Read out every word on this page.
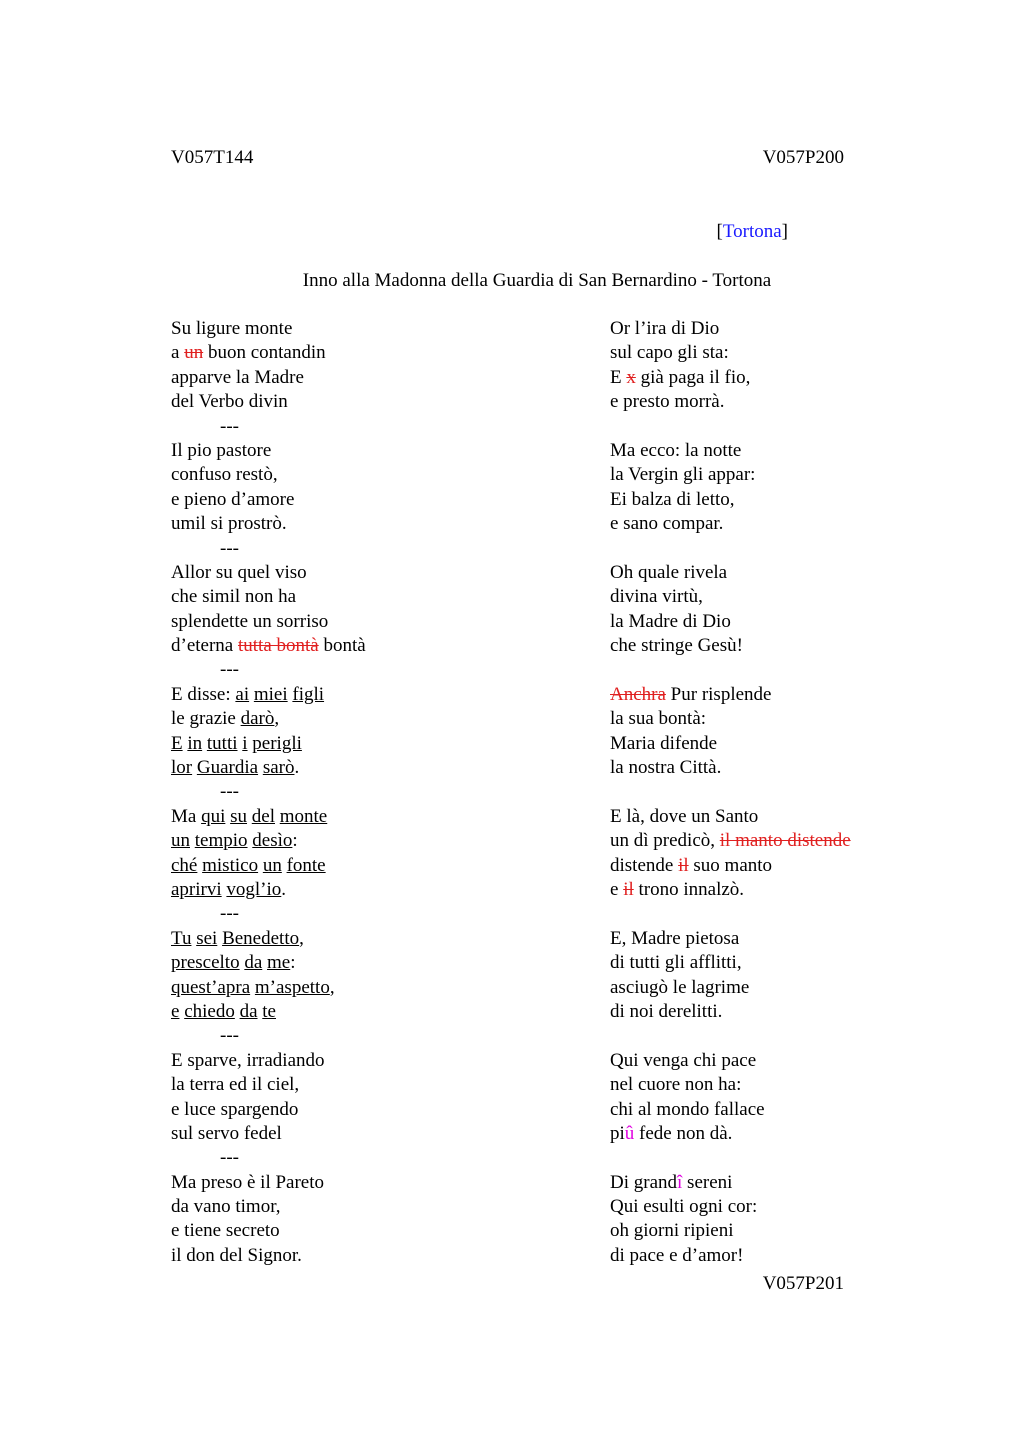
V057T144	V057P200
[Tortona]
Inno alla Madonna della Guardia di San Bernardino - Tortona
Su ligure monte
a un buon contandin
apparve la Madre
del Verbo divin
---
Il pio pastore
confuso restò,
e pieno d’amore
umil si prostrò.
---
Allor su quel viso
che simil non ha
splendette un sorriso
d’eterna tutta bontà bontà
---
E disse: ai miei figli
le grazie darò,
E in tutti i perigli
lor Guardia sarò.
---
Ma qui su del monte
un tempio desìo:
ché mistico un fonte
aprirvi vogl’io.
---
Tu sei Benedetto,
prescelto da me:
quest’apra m’aspetto,
e chiedo da te
---
E sparve, irradiando
la terra ed il ciel,
e luce spargendo
sul servo fedel
---
Ma preso è il Pareto
da vano timor,
e tiene secreto
il don del Signor.
Or l’ira di Dio
sul capo gli sta:
E x già paga il fio,
e presto morrà.
Ma ecco: la notte
la Vergin gli appar:
Ei balza di letto,
e sano compar.
Oh quale rivela
divina virtù,
la Madre di Dio
che stringe Gesù!
Anchra Pur risplende
la sua bontà:
Maria difende
la nostra Città.
E là, dove un Santo
un dì predicò, il manto distende
distende il suo manto
e il trono innalzò.
E, Madre pietosa
di tutti gli afflitti,
asciugò le lagrime
di noi derelitti.
Qui venga chi pace
nel cuore non ha:
chi al mondo fallace
piû fede non dà.
Di grandî sereni
Qui esulti ogni cor:
oh giorni ripieni
di pace e d’amor!
V057P201
